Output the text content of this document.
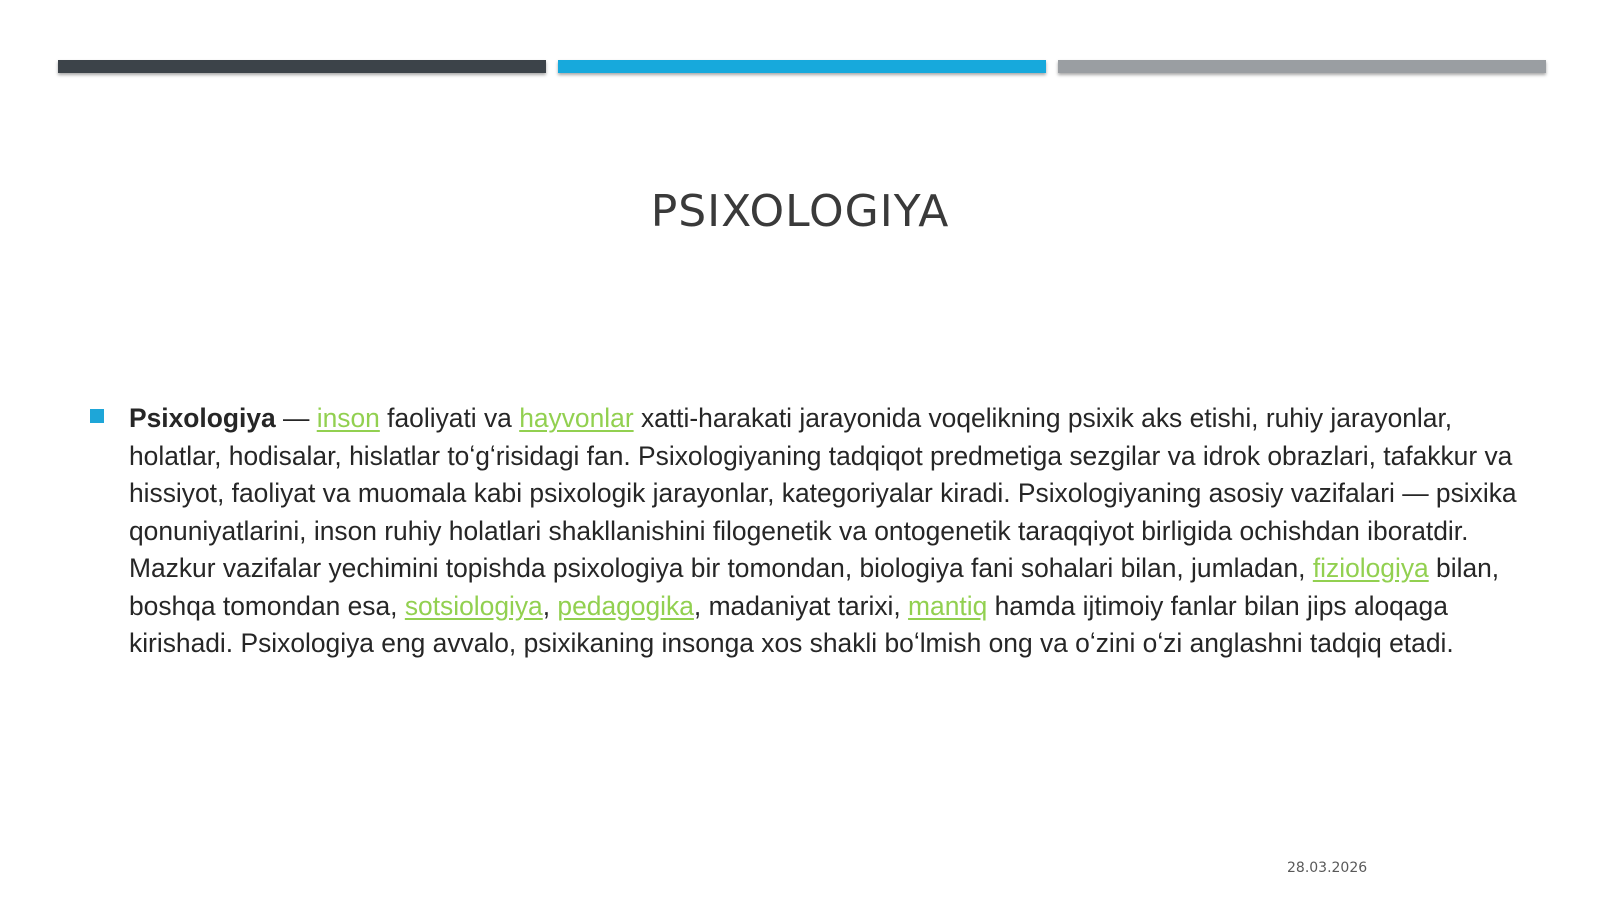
PSIXOLOGIYA

Psixologiya — inson faoliyati va hayvonlar xatti-harakati jarayonida voqelikning psixik aks etishi, ruhiy jarayonlar, holatlar, hodisalar, hislatlar toʻgʻrisidagi fan. Psixologiyaning tadqiqot predmetiga sezgilar va idrok obrazlari, tafakkur va hissiyot, faoliyat va muomala kabi psixologik jarayonlar, kategoriyalar kiradi. Psixologiyaning asosiy vazifalari — psixika qonuniyatlarini, inson ruhiy holatlari shakllanishini filogenetik va ontogenetik taraqqiyot birligida ochishdan iboratdir. Mazkur vazifalar yechimini topishda psixologiya bir tomondan, biologiya fani sohalari bilan, jumladan, fiziologiya bilan, boshqa tomondan esa, sotsiologiya, pedagogika, madaniyat tarixi, mantiq hamda ijtimoiy fanlar bilan jips aloqaga kirishadi. Psixologiya eng avvalo, psixikaning insonga xos shakli boʻlmish ong va oʻzini oʻzi anglashni tadqiq etadi.

28.03.2026
